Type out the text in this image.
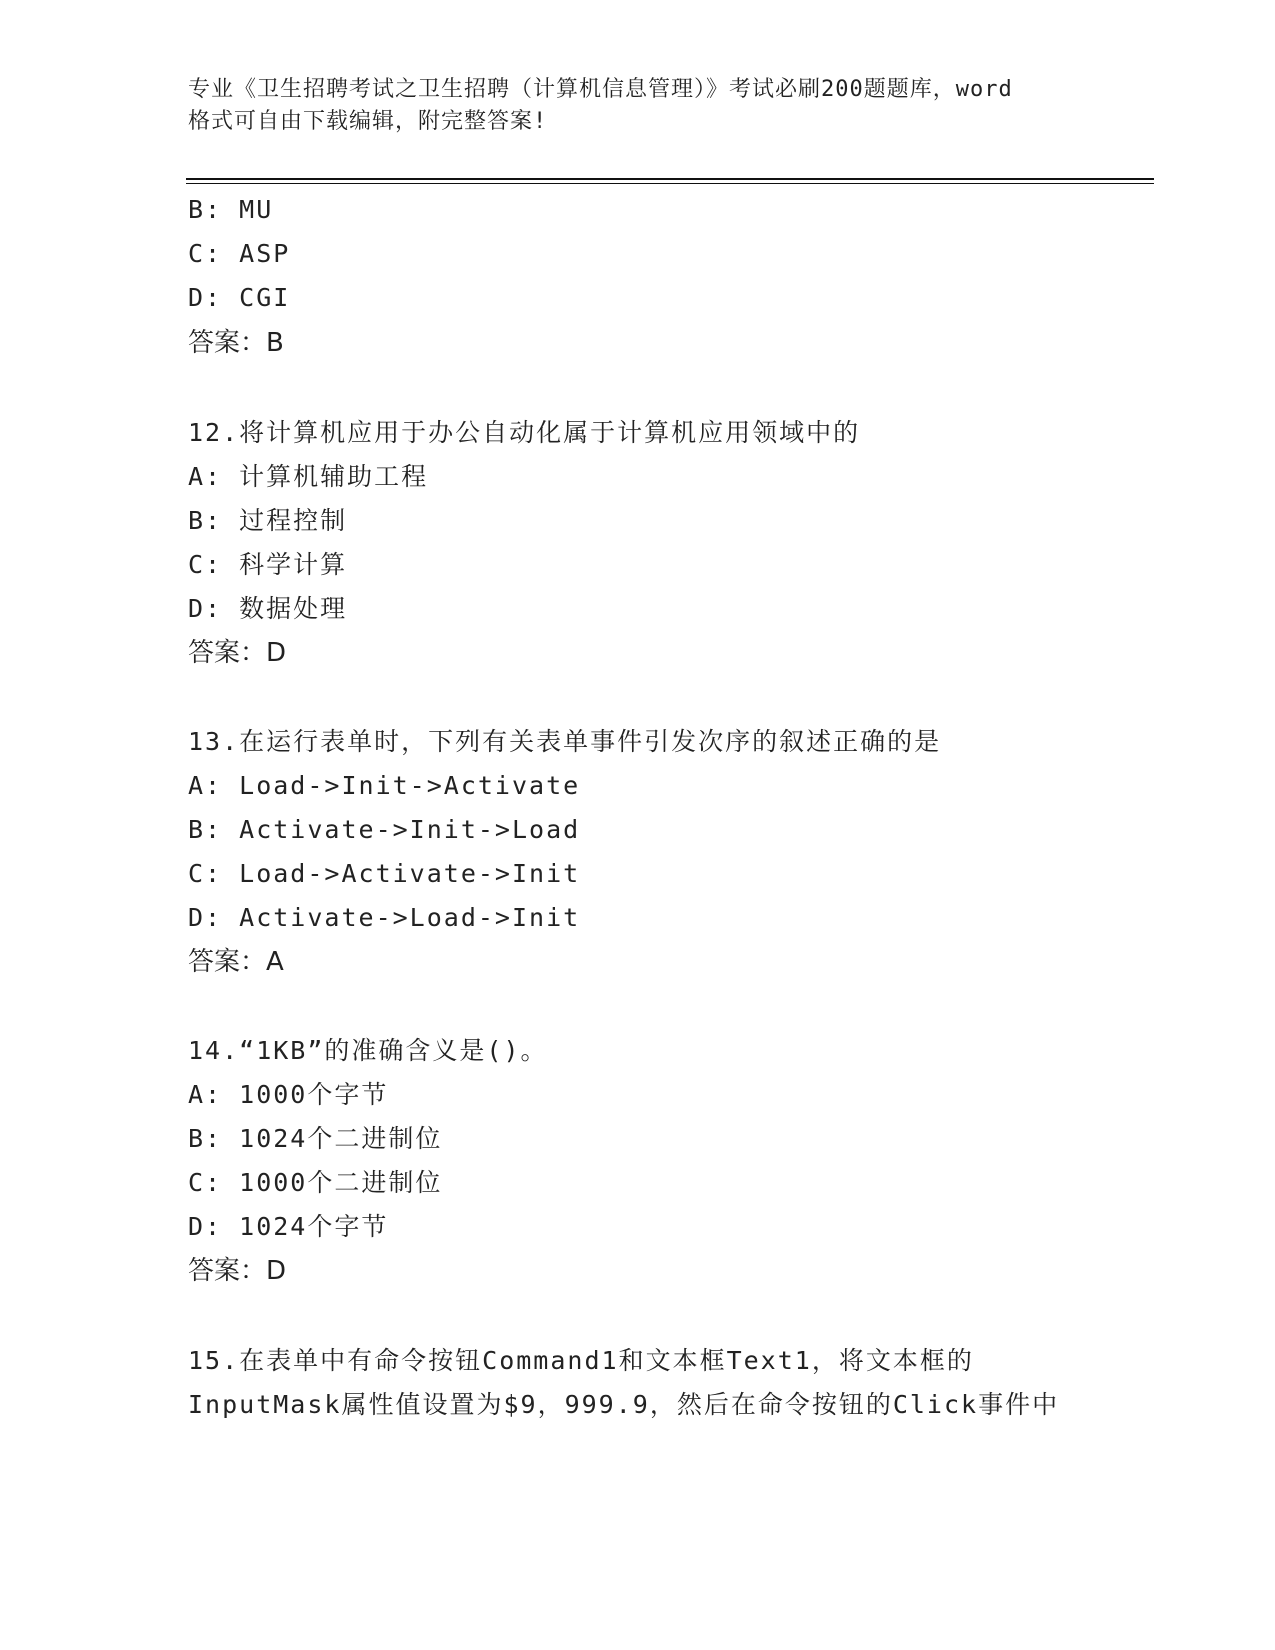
专业《卫生招聘考试之卫生招聘（计算机信息管理）》考试必刷200题题库，word
格式可自由下载编辑，附完整答案!
B: MU
C: ASP
D: CGI
答案：B
12.将计算机应用于办公自动化属于计算机应用领域中的
A: 计算机辅助工程
B: 过程控制
C: 科学计算
D: 数据处理
答案：D
13.在运行表单时，下列有关表单事件引发次序的叙述正确的是
A: Load->Init->Activate
B: Activate->Init->Load
C: Load->Activate->Init
D: Activate->Load->Init
答案：A
14.“1KB”的准确含义是()。
A: 1000个字节
B: 1024个二进制位
C: 1000个二进制位
D: 1024个字节
答案：D
15.在表单中有命令按钮Command1和文本框Text1，将文本框的
InputMask属性值设置为$9，999.9，然后在命令按钮的Click事件中
